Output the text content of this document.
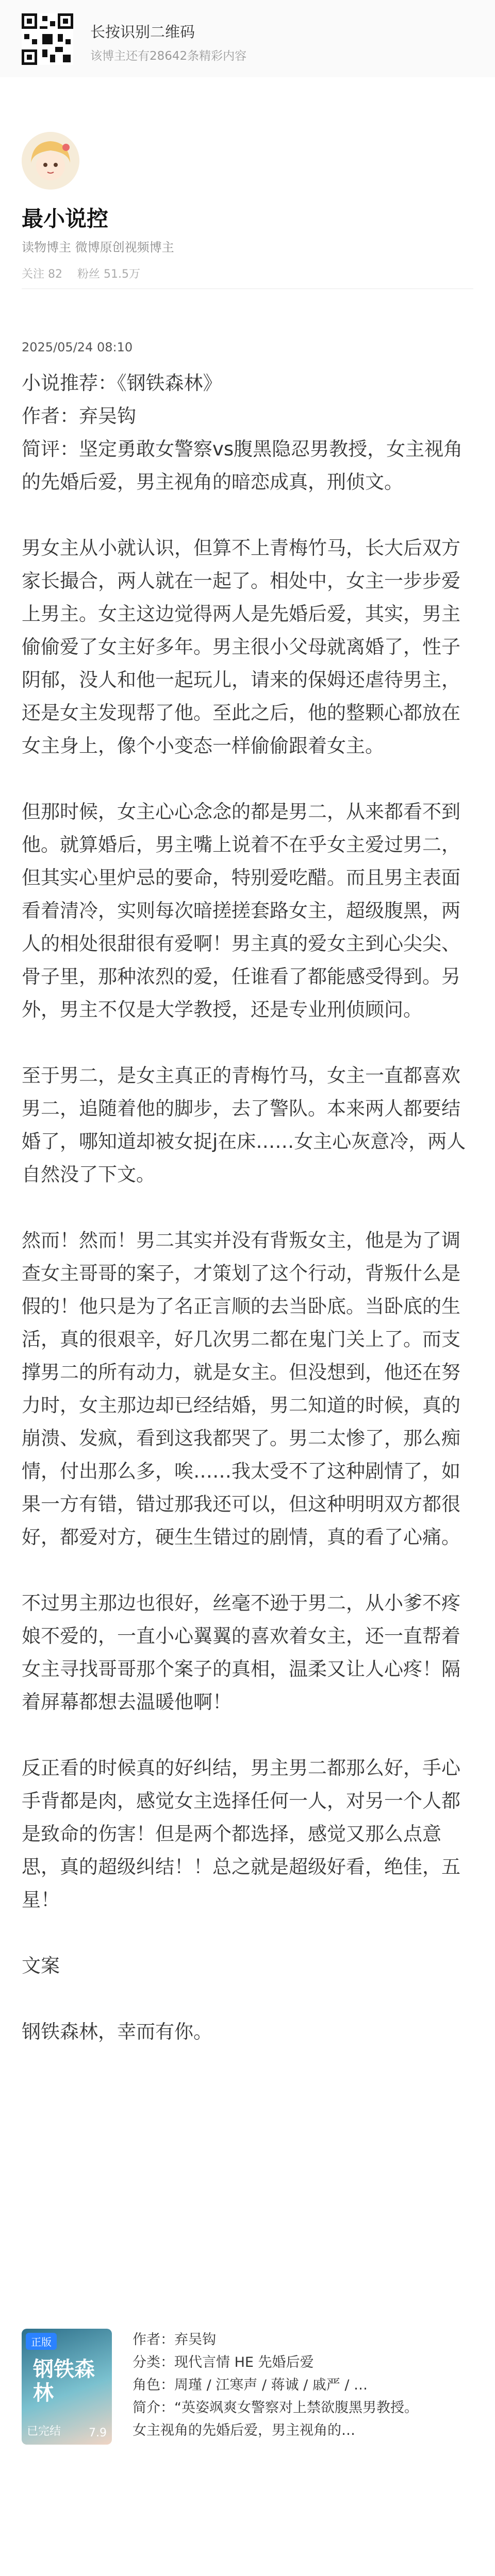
长按识别二维码
该博主还有28642条精彩内容
最小说控
读物博主 微博原创视频博主
关注 82 粉丝 51.5万
2025/05/24 08:10

小说推荐：《钢铁森林》
作者：弃吴钩
简评：坚定勇敢女警察vs腹黑隐忍男教授，女主视角的先婚后爱，男主视角的暗恋成真，刑侦文。

男女主从小就认识，但算不上青梅竹马，长大后双方家长撮合，两人就在一起了。相处中，女主一步步爱上男主。女主这边觉得两人是先婚后爱，其实，男主偷偷爱了女主好多年。男主很小父母就离婚了，性子阴郁，没人和他一起玩儿，请来的保姆还虐待男主，还是女主发现帮了他。至此之后，他的整颗心都放在女主身上，像个小变态一样偷偷跟着女主。

但那时候，女主心心念念的都是男二，从来都看不到他。就算婚后，男主嘴上说着不在乎女主爱过男二，但其实心里炉忌的要命，特别爱吃醋。而且男主表面看着清冷，实则每次暗搓搓套路女主，超级腹黑，两人的相处很甜很有爱啊！男主真的爱女主到心尖尖、骨子里，那种浓烈的爱，任谁看了都能感受得到。另外，男主不仅是大学教授，还是专业刑侦顾问。

至于男二，是女主真正的青梅竹马，女主一直都喜欢男二，追随着他的脚步，去了警队。本来两人都要结婚了，哪知道却被女捉j在床……女主心灰意冷，两人自然没了下文。

然而！然而！男二其实并没有背叛女主，他是为了调查女主哥哥的案子，才策划了这个行动，背叛什么是假的！他只是为了名正言顺的去当卧底。当卧底的生活，真的很艰辛，好几次男二都在鬼门关上了。而支撑男二的所有动力，就是女主。但没想到，他还在努力时，女主那边却已经结婚，男二知道的时候，真的崩溃、发疯，看到这我都哭了。男二太惨了，那么痴情，付出那么多，唉……我太受不了这种剧情了，如果一方有错，错过那我还可以，但这种明明双方都很好，都爱对方，硬生生错过的剧情，真的看了心痛。

不过男主那边也很好，丝毫不逊于男二，从小爹不疼娘不爱的，一直小心翼翼的喜欢着女主，还一直帮着女主寻找哥哥那个案子的真相，温柔又让人心疼！隔着屏幕都想去温暖他啊！

反正看的时候真的好纠结，男主男二都那么好，手心手背都是肉，感觉女主选择任何一人，对另一个人都是致命的伤害！但是两个都选择，感觉又那么点意思，真的超级纠结！！总之就是超级好看，绝佳，五星！

文案

钢铁森林，幸而有你。

正版
钢铁森林
已完结 7.9
作者：弃吴钩
分类：现代言情 HE 先婚后爱
角色：周瑾 / 江寒声 / 蒋诚 / 戚严 / …
简介：“英姿飒爽女警察对上禁欲腹黑男教授。
女主视角的先婚后爱，男主视角的…
